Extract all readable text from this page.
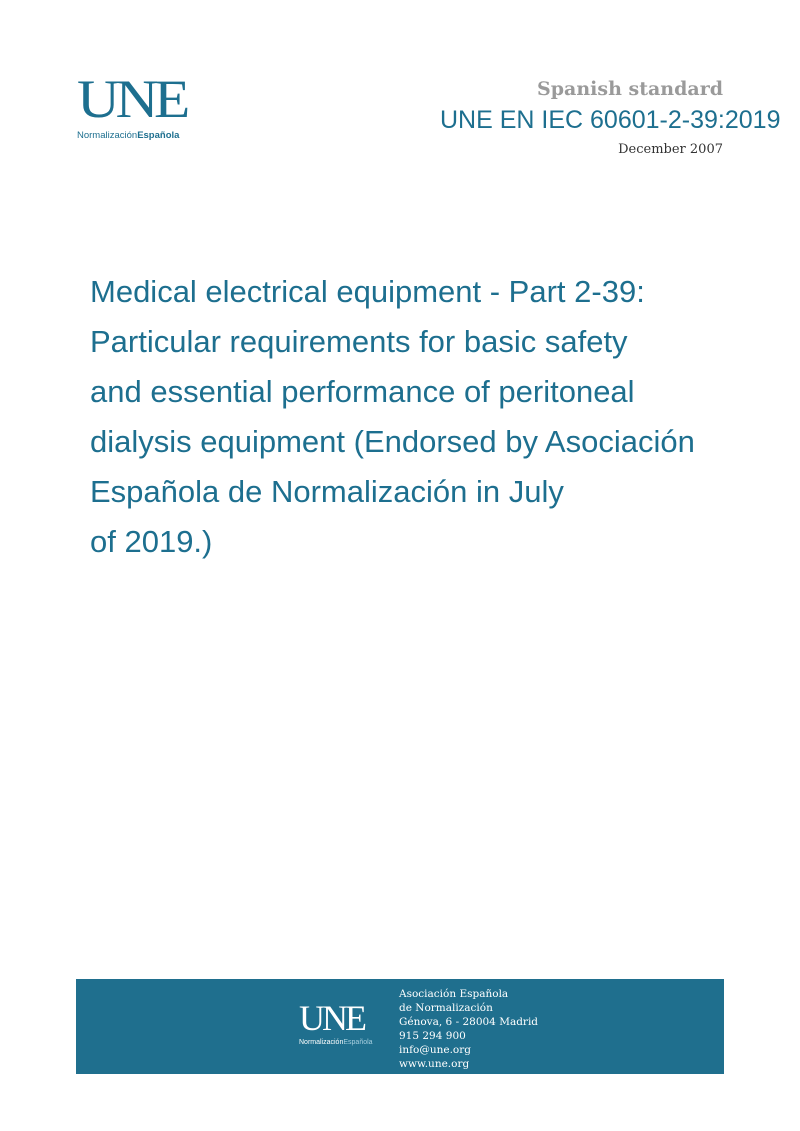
UNE
NormalizaciónEspañola

Spanish standard

UNE EN IEC 60601-2-39:2019

December 2007

Medical electrical equipment - Part 2-39:
Particular requirements for basic safety
and essential performance of peritoneal
dialysis equipment (Endorsed by Asociación
Española de Normalización in July
of 2019.)
UNE
NormalizaciónEspañola
Asociación Española
de Normalización
Génova, 6 - 28004 Madrid
915 294 900
info@une.org
www.une.org
